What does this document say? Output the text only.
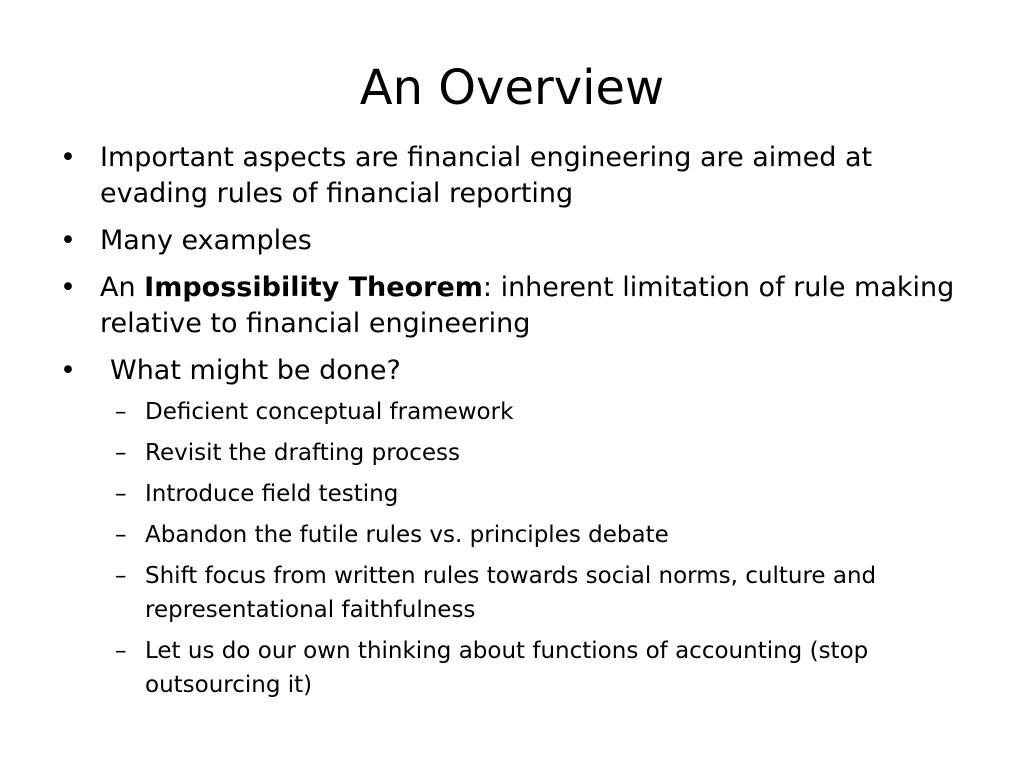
An Overview

• Important aspects are financial engineering are aimed at evading rules of financial reporting

• Many examples

• An Impossibility Theorem: inherent limitation of rule making relative to financial engineering

• What might be done?

– Deficient conceptual framework

– Revisit the drafting process

– Introduce field testing

– Abandon the futile rules vs. principles debate

– Shift focus from written rules towards social norms, culture and representational faithfulness

– Let us do our own thinking about functions of accounting (stop outsourcing it)
